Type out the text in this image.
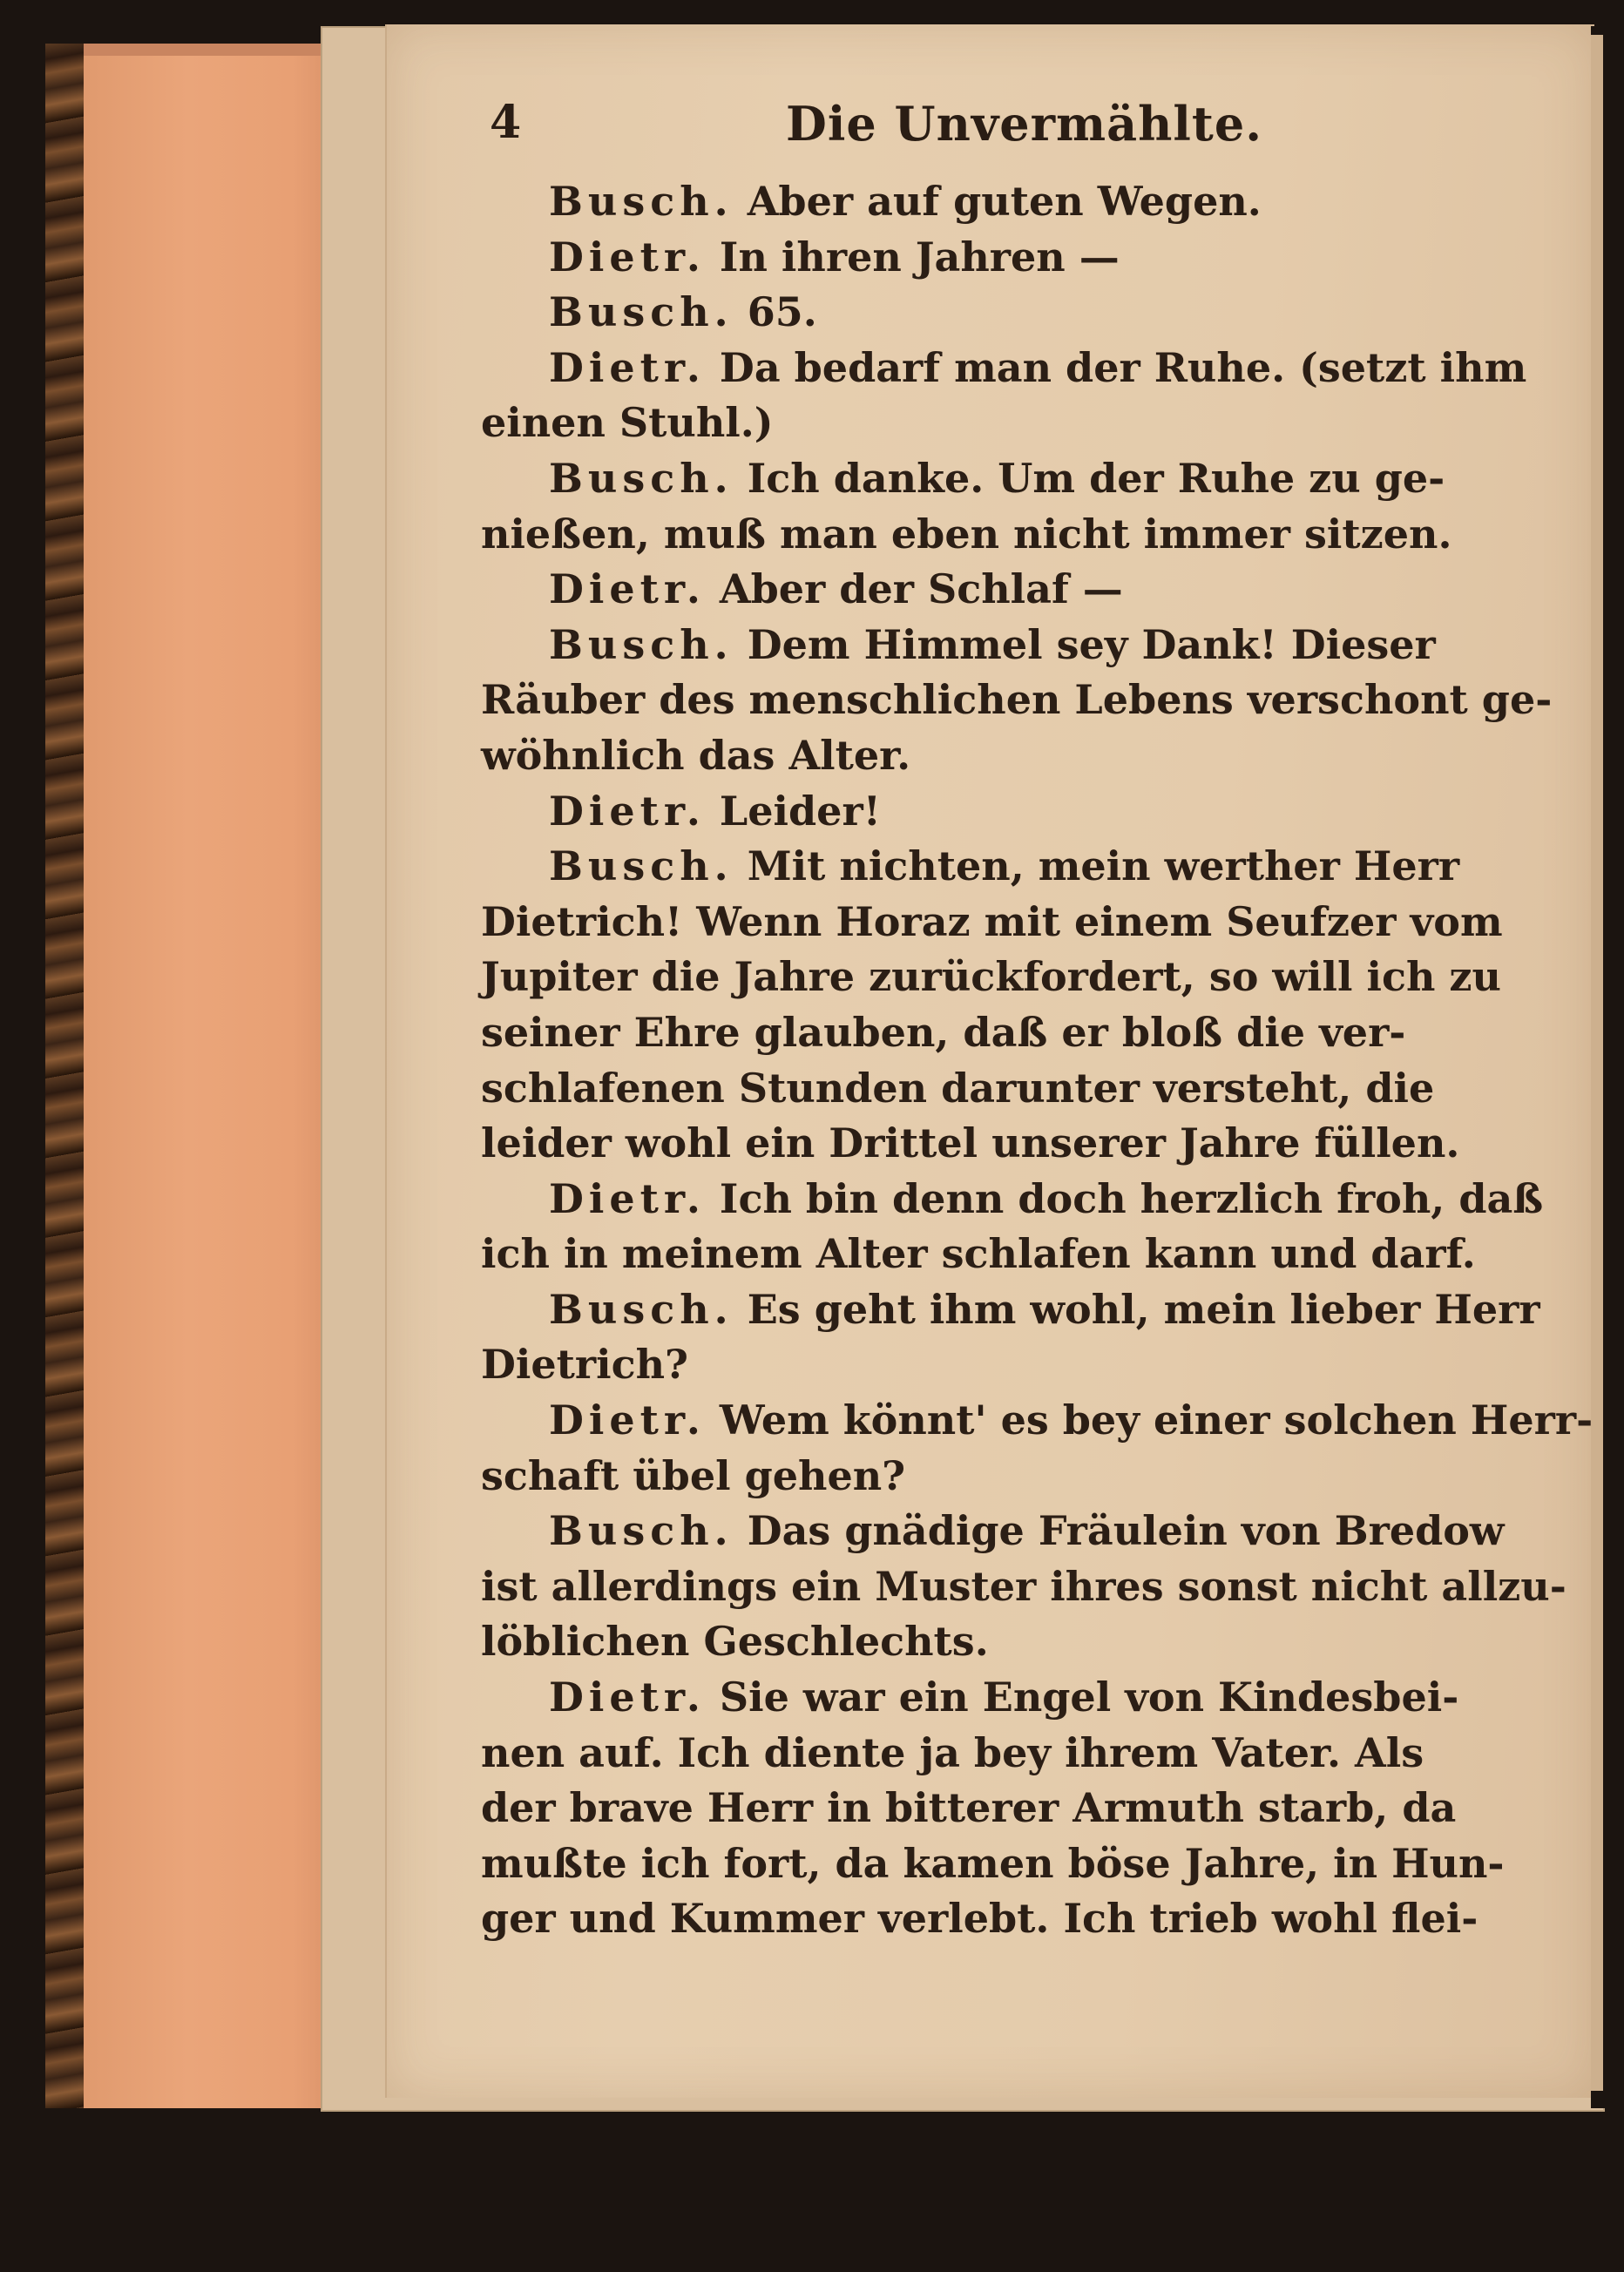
4	Die Unvermählte.
Busch. Aber auf guten Wegen.
Dietr. In ihren Jahren —
Busch. 65.
Dietr. Da bedarf man der Ruhe. (setzt ihm
einen Stuhl.)
Busch. Ich danke. Um der Ruhe zu ge-
nießen, muß man eben nicht immer sitzen.
Dietr. Aber der Schlaf —
Busch. Dem Himmel sey Dank! Dieser
Räuber des menschlichen Lebens verschont ge-
wöhnlich das Alter.
Dietr. Leider!
Busch. Mit nichten, mein werther Herr
Dietrich! Wenn Horaz mit einem Seufzer vom
Jupiter die Jahre zurückfordert, so will ich zu
seiner Ehre glauben, daß er bloß die ver-
schlafenen Stunden darunter versteht, die
leider wohl ein Drittel unserer Jahre füllen.
Dietr. Ich bin denn doch herzlich froh, daß
ich in meinem Alter schlafen kann und darf.
Busch. Es geht ihm wohl, mein lieber Herr
Dietrich?
Dietr. Wem könnt' es bey einer solchen Herr-
schaft übel gehen?
Busch. Das gnädige Fräulein von Bredow
ist allerdings ein Muster ihres sonst nicht allzu-
löblichen Geschlechts.
Dietr. Sie war ein Engel von Kindesbei-
nen auf. Ich diente ja bey ihrem Vater. Als
der brave Herr in bitterer Armuth starb, da
mußte ich fort, da kamen böse Jahre, in Hun-
ger und Kummer verlebt. Ich trieb wohl flei-
